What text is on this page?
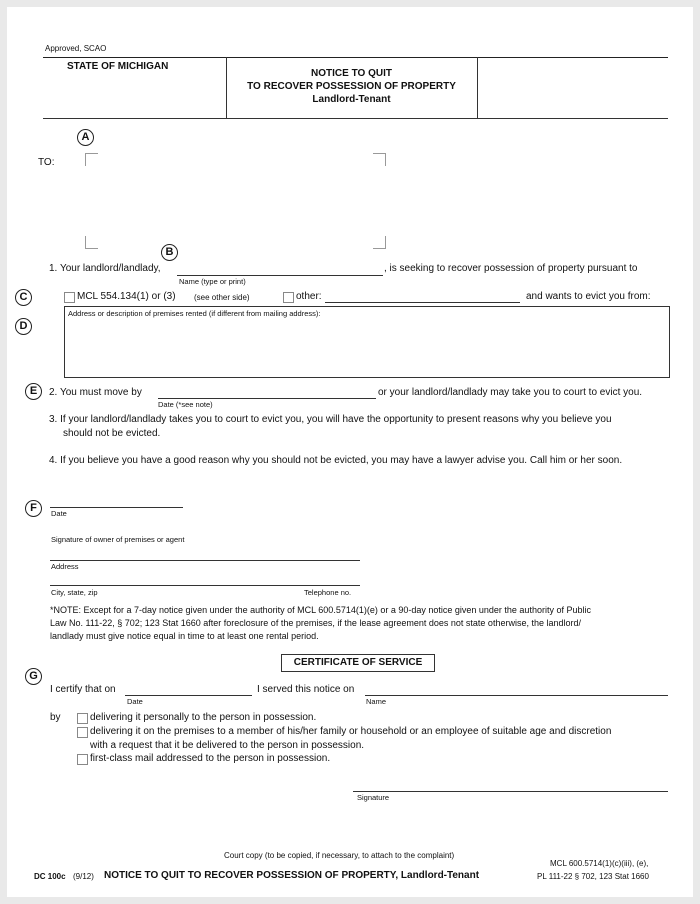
Approved, SCAO
STATE OF MICHIGAN
NOTICE TO QUIT
TO RECOVER POSSESSION OF PROPERTY
Landlord-Tenant
A
TO:
B
1. Your landlord/landlady,
Name (type or print)
, is seeking to recover possession of property pursuant to
C	MCL 554.134(1) or (3) (see other side)	other:	and wants to evict you from:
D
Address or description of premises rented (if different from mailing address):
E	2. You must move by
Date (*see note)
or your landlord/landlady may take you to court to evict you.
3. If your landlord/landlady takes you to court to evict you, you will have the opportunity to present reasons why you believe you
should not be evicted.
4. If you believe you have a good reason why you should not be evicted, you may have a lawyer advise you. Call him or her soon.
F	Date
Signature of owner of premises or agent
Address
City, state, zip	Telephone no.
*NOTE: Except for a 7-day notice given under the authority of MCL 600.5714(1)(e) or a 90-day notice given under the authority of Public
Law No. 111-22, § 702; 123 Stat 1660 after foreclosure of the premises, if the lease agreement does not state otherwise, the landlord/
landlady must give notice equal in time to at least one rental period.
CERTIFICATE OF SERVICE
G
I certify that on
Date
I served this notice on
Name
by	delivering it personally to the person in possession.
delivering it on the premises to a member of his/her family or household or an employee of suitable age and discretion
with a request that it be delivered to the person in possession.
first-class mail addressed to the person in possession.
Signature
Court copy (to be copied, if necessary, to attach to the complaint)
MCL 600.5714(1)(c)(iii), (e),
DC 100c (9/12) NOTICE TO QUIT TO RECOVER POSSESSION OF PROPERTY, Landlord-Tenant	PL 111-22 § 702, 123 Stat 1660
